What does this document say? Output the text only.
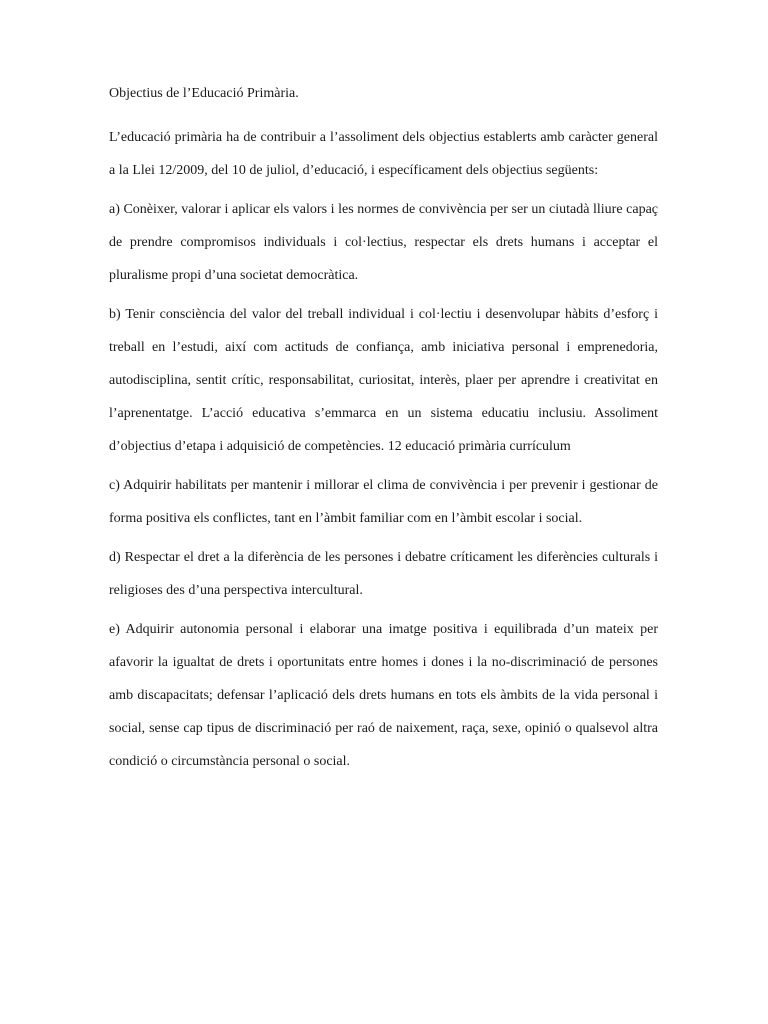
Objectius de l’Educació Primària.

L’educació primària ha de contribuir a l’assoliment dels objectius establerts amb caràcter general a la Llei 12/2009, del 10 de juliol, d’educació, i específicament dels objectius següents:

a) Conèixer, valorar i aplicar els valors i les normes de convivència per ser un ciutadà lliure capaç de prendre compromisos individuals i col·lectius, respectar els drets humans i acceptar el pluralisme propi d’una societat democràtica.

b) Tenir consciència del valor del treball individual i col·lectiu i desenvolupar hàbits d’esforç i treball en l’estudi, així com actituds de confiança, amb iniciativa personal i emprenedoria, autodisciplina, sentit crític, responsabilitat, curiositat, interès, plaer per aprendre i creativitat en l’aprenentatge. L’acció educativa s’emmarca en un sistema educatiu inclusiu. Assoliment d’objectius d’etapa i adquisició de competències. 12 educació primària currículum

c) Adquirir habilitats per mantenir i millorar el clima de convivència i per prevenir i gestionar de forma positiva els conflictes, tant en l’àmbit familiar com en l’àmbit escolar i social.

d) Respectar el dret a la diferència de les persones i debatre críticament les diferències culturals i religioses des d’una perspectiva intercultural.

e) Adquirir autonomia personal i elaborar una imatge positiva i equilibrada d’un mateix per afavorir la igualtat de drets i oportunitats entre homes i dones i la no-discriminació de persones amb discapacitats; defensar l’aplicació dels drets humans en tots els àmbits de la vida personal i social, sense cap tipus de discriminació per raó de naixement, raça, sexe, opinió o qualsevol altra condició o circumstància personal o social.
